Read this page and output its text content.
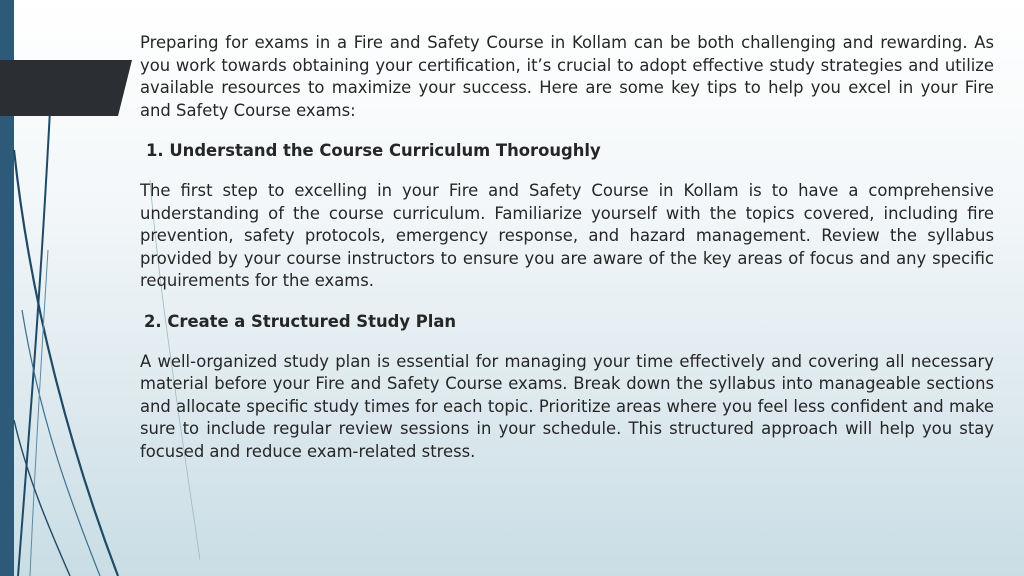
Preparing for exams in a Fire and Safety Course in Kollam can be both challenging and rewarding. As you work towards obtaining your certification, it’s crucial to adopt effective study strategies and utilize available resources to maximize your success. Here are some key tips to help you excel in your Fire and Safety Course exams:

1. Understand the Course Curriculum Thoroughly

The first step to excelling in your Fire and Safety Course in Kollam is to have a comprehensive understanding of the course curriculum. Familiarize yourself with the topics covered, including fire prevention, safety protocols, emergency response, and hazard management. Review the syllabus provided by your course instructors to ensure you are aware of the key areas of focus and any specific requirements for the exams.

2. Create a Structured Study Plan

A well-organized study plan is essential for managing your time effectively and covering all necessary material before your Fire and Safety Course exams. Break down the syllabus into manageable sections and allocate specific study times for each topic. Prioritize areas where you feel less confident and make sure to include regular review sessions in your schedule. This structured approach will help you stay focused and reduce exam-related stress.
